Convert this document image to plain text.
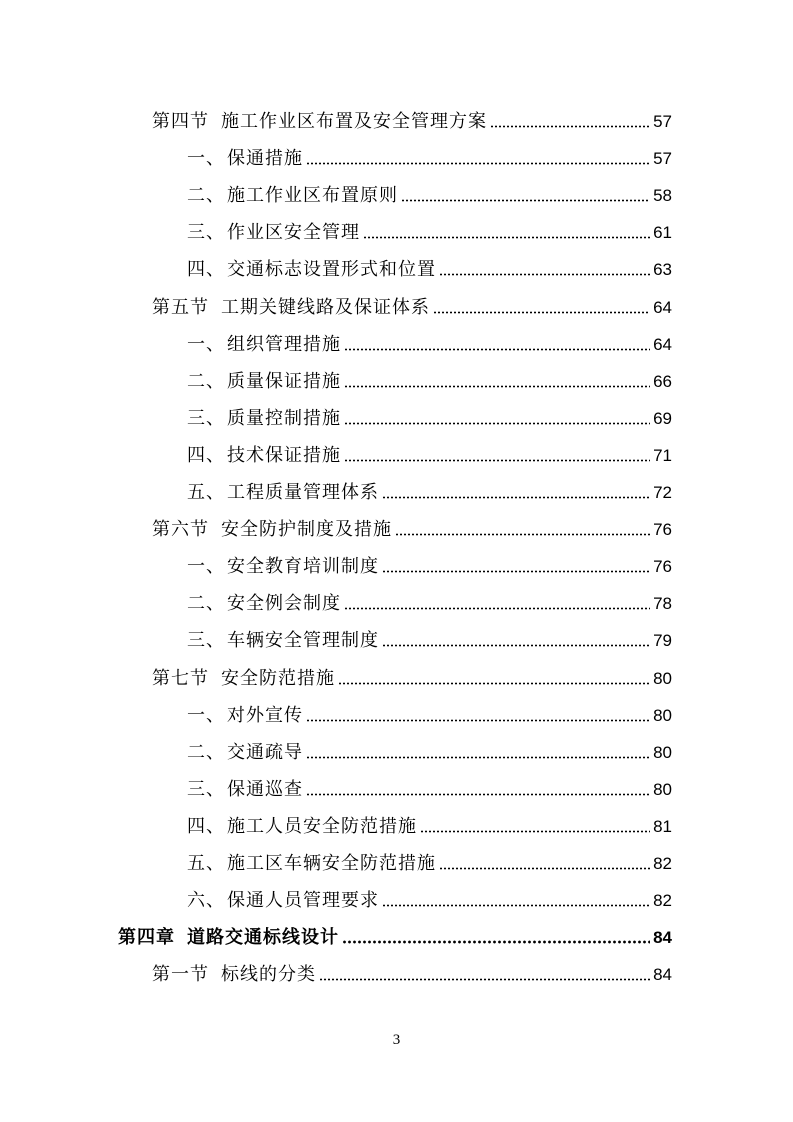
第四节 施工作业区布置及安全管理方案	57
一、 保通措施	57
二、 施工作业区布置原则	58
三、 作业区安全管理	61
四、 交通标志设置形式和位置	63
第五节 工期关键线路及保证体系	64
一、 组织管理措施	64
二、 质量保证措施	66
三、 质量控制措施	69
四、 技术保证措施	71
五、 工程质量管理体系	72
第六节 安全防护制度及措施	76
一、 安全教育培训制度	76
二、 安全例会制度	78
三、 车辆安全管理制度	79
第七节 安全防范措施	80
一、 对外宣传	80
二、 交通疏导	80
三、 保通巡查	80
四、 施工人员安全防范措施	81
五、 施工区车辆安全防范措施	82
六、 保通人员管理要求	82
第四章 道路交通标线设计	84
第一节 标线的分类	84
3
